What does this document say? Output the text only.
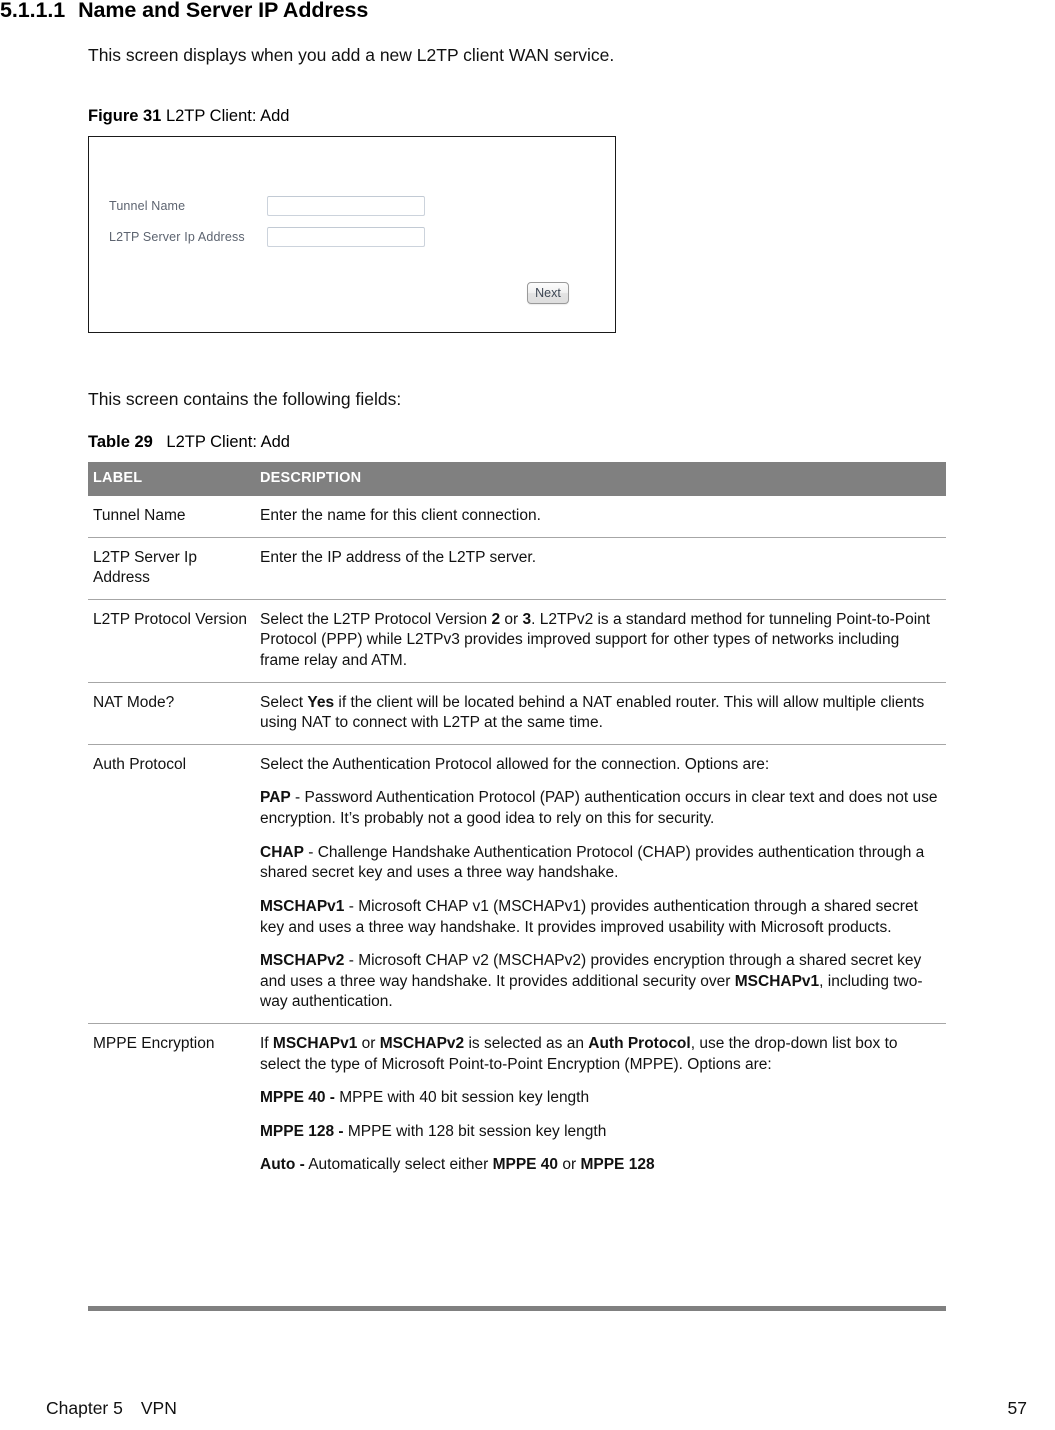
5.1.1.1 Name and Server IP Address
This screen displays when you add a new L2TP client WAN service.
Figure 31 L2TP Client: Add
Tunnel Name
L2TP Server Ip Address
Next
This screen contains the following fields:
Table 29 L2TP Client: Add
LABEL	DESCRIPTION
Tunnel Name	Enter the name for this client connection.

L2TP Server Ip Address	Enter the IP address of the L2TP server.

L2TP Protocol Version	Select the L2TP Protocol Version 2 or 3. L2TPv2 is a standard method for tunneling Point-to-Point Protocol (PPP) while L2TPv3 provides improved support for other types of networks including frame relay and ATM.

NAT Mode?	Select Yes if the client will be located behind a NAT enabled router. This will allow multiple clients using NAT to connect with L2TP at the same time.

Auth Protocol	Select the Authentication Protocol allowed for the connection. Options are:

PAP - Password Authentication Protocol (PAP) authentication occurs in clear text and does not use encryption. It’s probably not a good idea to rely on this for security.

CHAP - Challenge Handshake Authentication Protocol (CHAP) provides authentication through a shared secret key and uses a three way handshake.

MSCHAPv1 - Microsoft CHAP v1 (MSCHAPv1) provides authentication through a shared secret key and uses a three way handshake. It provides improved usability with Microsoft products.

MSCHAPv2 - Microsoft CHAP v2 (MSCHAPv2) provides encryption through a shared secret key and uses a three way handshake. It provides additional security over MSCHAPv1, including two-way authentication.

MPPE Encryption	If MSCHAPv1 or MSCHAPv2 is selected as an Auth Protocol, use the drop-down list box to select the type of Microsoft Point-to-Point Encryption (MPPE). Options are:

MPPE 40 - MPPE with 40 bit session key length

MPPE 128 - MPPE with 128 bit session key length

Auto - Automatically select either MPPE 40 or MPPE 128

Chapter 5 VPN	57
